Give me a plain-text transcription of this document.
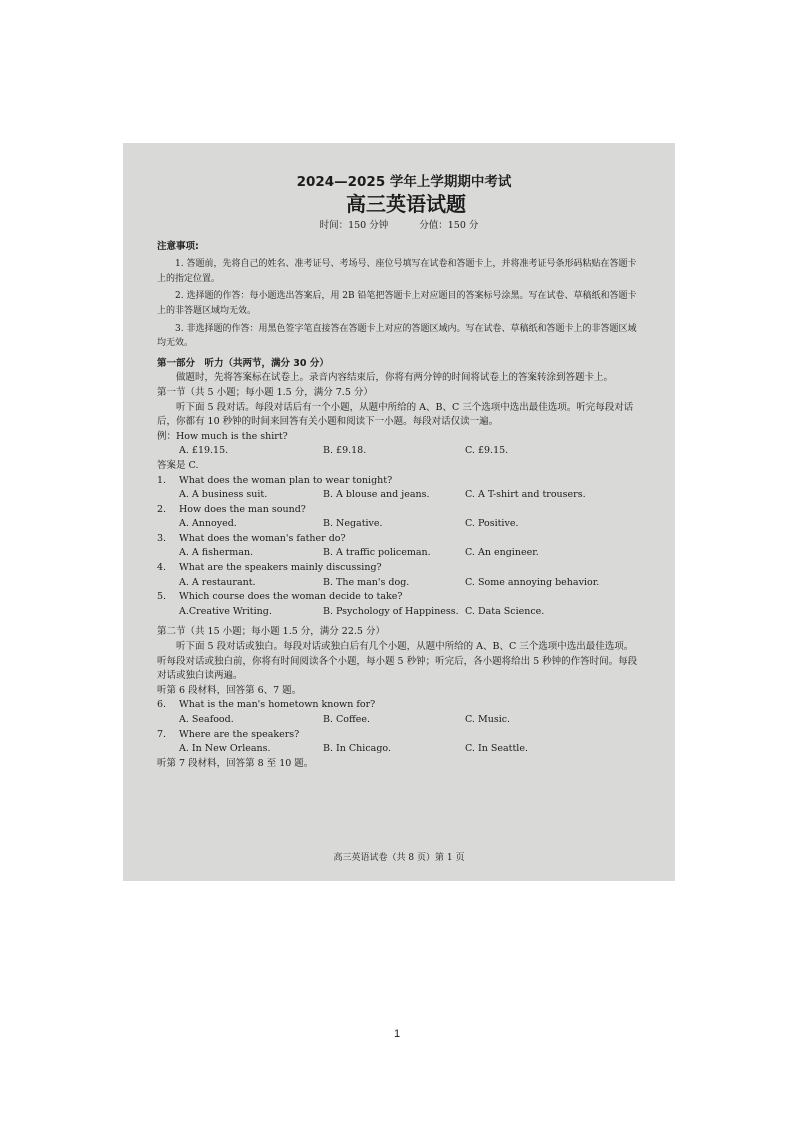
2024—2025 学年上学期期中考试
高三英语试题
时间：150 分钟	分值：150 分
注意事项:
1. 答题前，先将自己的姓名、准考证号、考场号、座位号填写在试卷和答题卡上，并将准考证号条形码粘贴在答题卡上的指定位置。
2. 选择题的作答：每小题选出答案后，用 2B 铅笔把答题卡上对应题目的答案标号涂黑。写在试卷、草稿纸和答题卡上的非答题区域均无效。
3. 非选择题的作答：用黑色签字笔直接答在答题卡上对应的答题区域内。写在试卷、草稿纸和答题卡上的非答题区域均无效。
第一部分　听力（共两节，满分 30 分）
做题时，先将答案标在试卷上。录音内容结束后，你将有两分钟的时间将试卷上的答案转涂到答题卡上。
第一节（共 5 小题；每小题 1.5 分，满分 7.5 分）
听下面 5 段对话。每段对话后有一个小题，从题中所给的 A、B、C 三个选项中选出最佳选项。听完每段对话后，你都有 10 秒钟的时间来回答有关小题和阅读下一小题。每段对话仅读一遍。
例：How much is the shirt?
A. £19.15.	B. £9.18.	C. £9.15.
答案是 C.
1.	What does the woman plan to wear tonight?
A. A business suit.	B. A blouse and jeans.	C. A T-shirt and trousers.
2.	How does the man sound?
A. Annoyed.	B. Negative.	C. Positive.
3.	What does the woman's father do?
A. A fisherman.	B. A traffic policeman.	C. An engineer.
4.	What are the speakers mainly discussing?
A. A restaurant.	B. The man's dog.	C. Some annoying behavior.
5.	Which course does the woman decide to take?
A.Creative Writing.	B. Psychology of Happiness. C. Data Science.
第二节（共 15 小题；每小题 1.5 分，满分 22.5 分）
听下面 5 段对话或独白。每段对话或独白后有几个小题，从题中所给的 A、B、C 三个选项中选出最佳选项。听每段对话或独白前，你将有时间阅读各个小题，每小题 5 秒钟；听完后，各小题将给出 5 秒钟的作答时间。每段对话或独白读两遍。
听第 6 段材料，回答第 6、7 题。
6.	What is the man's hometown known for?
A. Seafood.	B. Coffee.	C. Music.
7.	Where are the speakers?
A. In New Orleans.	B. In Chicago.	C. In Seattle.
听第 7 段材料，回答第 8 至 10 题。
高三英语试卷（共 8 页）第 1 页
1
